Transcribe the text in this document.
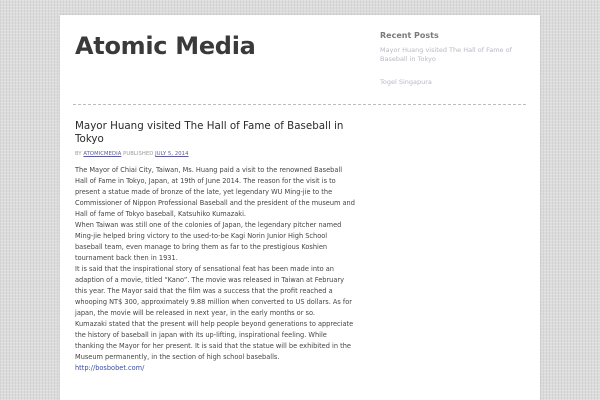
Atomic Media	Recent Posts
Mayor Huang visited The Hall of Fame of Baseball in Tokyo
Togel Singapura
Mayor Huang visited The Hall of Fame of Baseball in Tokyo
BY ATOMICMEDIA PUBLISHED JULY 5, 2014

The Mayor of Chiai City, Taiwan, Ms. Huang paid a visit to the renowned Baseball Hall of Fame in Tokyo, Japan, at 19th of June 2014. The reason for the visit is to present a statue made of bronze of the late, yet legendary WU Ming-jie to the Commissioner of Nippon Professional Baseball and the president of the museum and Hall of fame of Tokyo baseball, Katsuhiko Kumazaki.

When Taiwan was still one of the colonies of Japan, the legendary pitcher named Ming-jie helped bring victory to the used-to-be Kagi Norin Junior High School baseball team, even manage to bring them as far to the prestigious Koshien tournament back then in 1931.

It is said that the inspirational story of sensational feat has been made into an adaption of a movie, titled “Kano”. The movie was released in Taiwan at February this year. The Mayor said that the film was a success that the profit reached a whooping NT$ 300, approximately 9.88 million when converted to US dollars. As for japan, the movie will be released in next year, in the early months or so.

Kumazaki stated that the present will help people beyond generations to appreciate the history of baseball in japan with its up-lifting, inspirational feeling. While thanking the Mayor for her present. It is said that the statue will be exhibited in the Museum permanently, in the section of high school baseballs.

http://bosbobet.com/
